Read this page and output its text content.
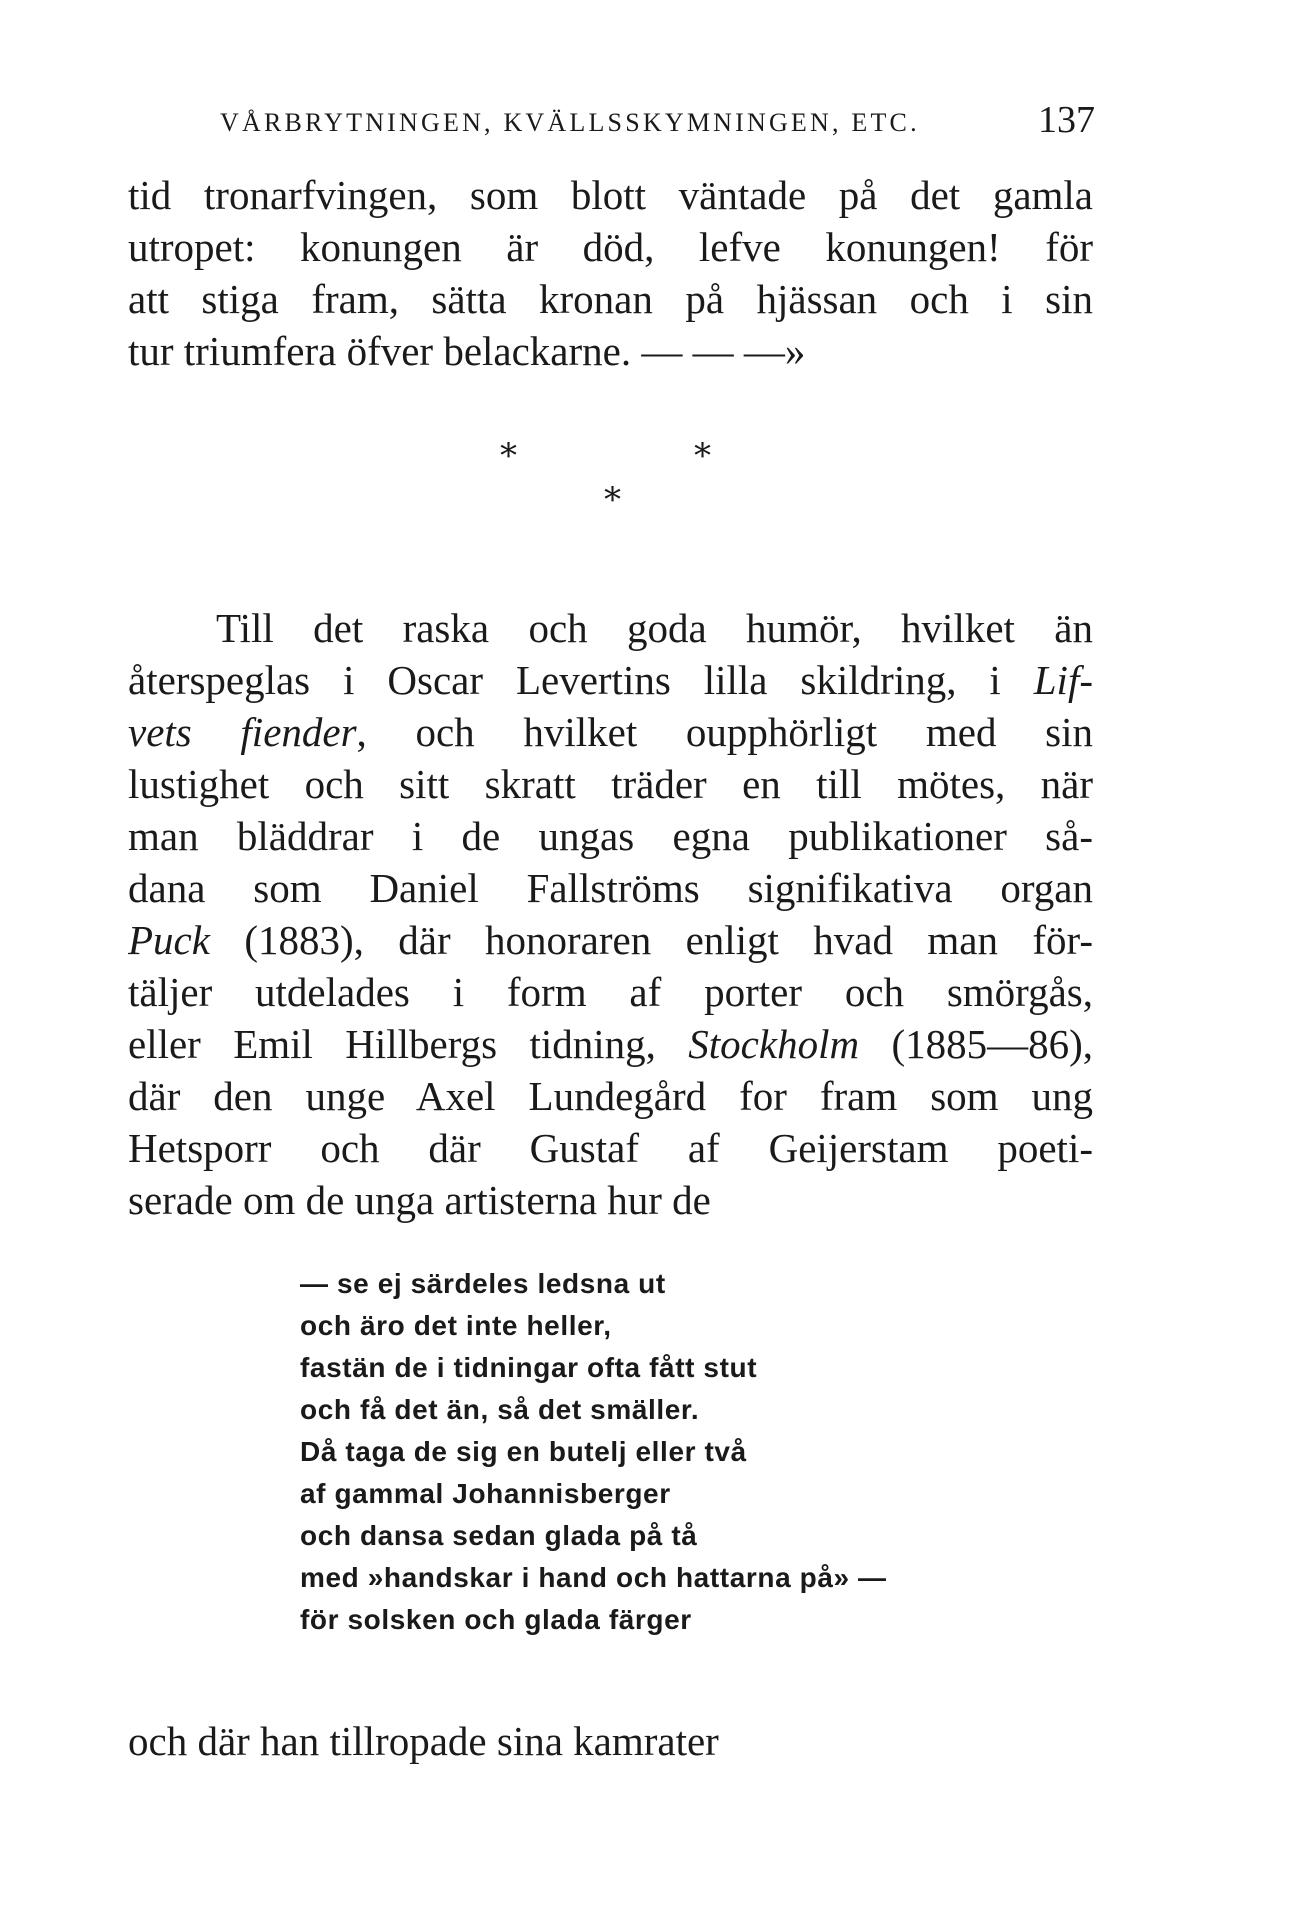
VÅRBRYTNINGEN, KVÄLLSSKYMNINGEN, ETC.	137
tid tronarfvingen, som blott väntade på det gamla
utropet: konungen är död, lefve konungen! för
att stiga fram, sätta kronan på hjässan och i sin
tur triumfera öfver belackarne. — — —»
*	*
*
Till det raska och goda humör, hvilket än
återspeglas i Oscar Levertins lilla skildring, i Lif-
vets fiender, och hvilket oupphörligt med sin
lustighet och sitt skratt träder en till mötes, när
man bläddrar i de ungas egna publikationer så-
dana som Daniel Fallströms signifikativa organ
Puck (1883), där honoraren enligt hvad man för-
täljer utdelades i form af porter och smörgås,
eller Emil Hillbergs tidning, Stockholm (1885—86),
där den unge Axel Lundegård for fram som ung
Hetsporr och där Gustaf af Geijerstam poeti-
serade om de unga artisterna hur de
— se ej särdeles ledsna ut
och äro det inte heller,
fastän de i tidningar ofta fått stut
och få det än, så det smäller.
Då taga de sig en butelj eller två
af gammal Johannisberger
och dansa sedan glada på tå
med »handskar i hand och hattarna på» —
för solsken och glada färger
och där han tillropade sina kamrater
